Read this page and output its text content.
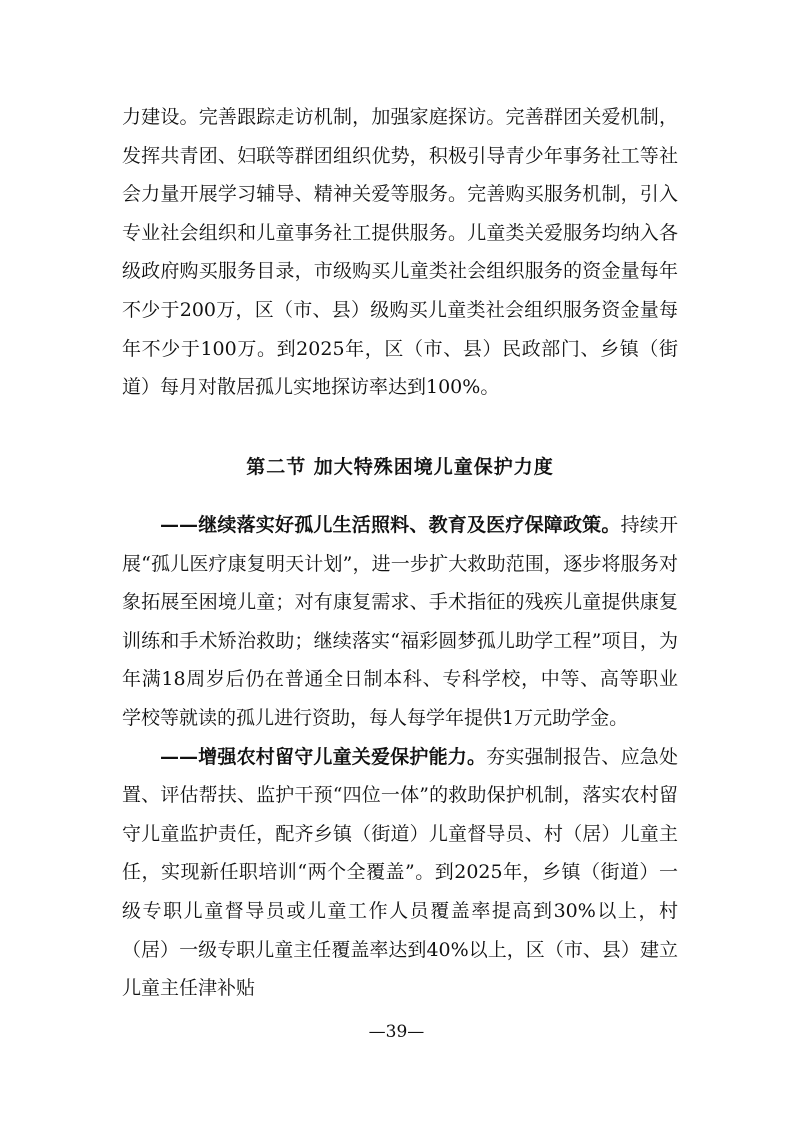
力建设。完善跟踪走访机制，加强家庭探访。完善群团关爱机制，发挥共青团、妇联等群团组织优势，积极引导青少年事务社工等社会力量开展学习辅导、精神关爱等服务。完善购买服务机制，引入专业社会组织和儿童事务社工提供服务。儿童类关爱服务均纳入各级政府购买服务目录，市级购买儿童类社会组织服务的资金量每年不少于200万，区（市、县）级购买儿童类社会组织服务资金量每年不少于100万。到2025年，区（市、县）民政部门、乡镇（街道）每月对散居孤儿实地探访率达到100%。

第二节 加大特殊困境儿童保护力度

——继续落实好孤儿生活照料、教育及医疗保障政策。持续开展“孤儿医疗康复明天计划”，进一步扩大救助范围，逐步将服务对象拓展至困境儿童；对有康复需求、手术指征的残疾儿童提供康复训练和手术矫治救助；继续落实“福彩圆梦孤儿助学工程”项目，为年满18周岁后仍在普通全日制本科、专科学校，中等、高等职业学校等就读的孤儿进行资助，每人每学年提供1万元助学金。

——增强农村留守儿童关爱保护能力。夯实强制报告、应急处置、评估帮扶、监护干预“四位一体”的救助保护机制，落实农村留守儿童监护责任，配齐乡镇（街道）儿童督导员、村（居）儿童主任，实现新任职培训“两个全覆盖”。到2025年，乡镇（街道）一级专职儿童督导员或儿童工作人员覆盖率提高到30%以上，村（居）一级专职儿童主任覆盖率达到40%以上，区（市、县）建立儿童主任津补贴

—39—
